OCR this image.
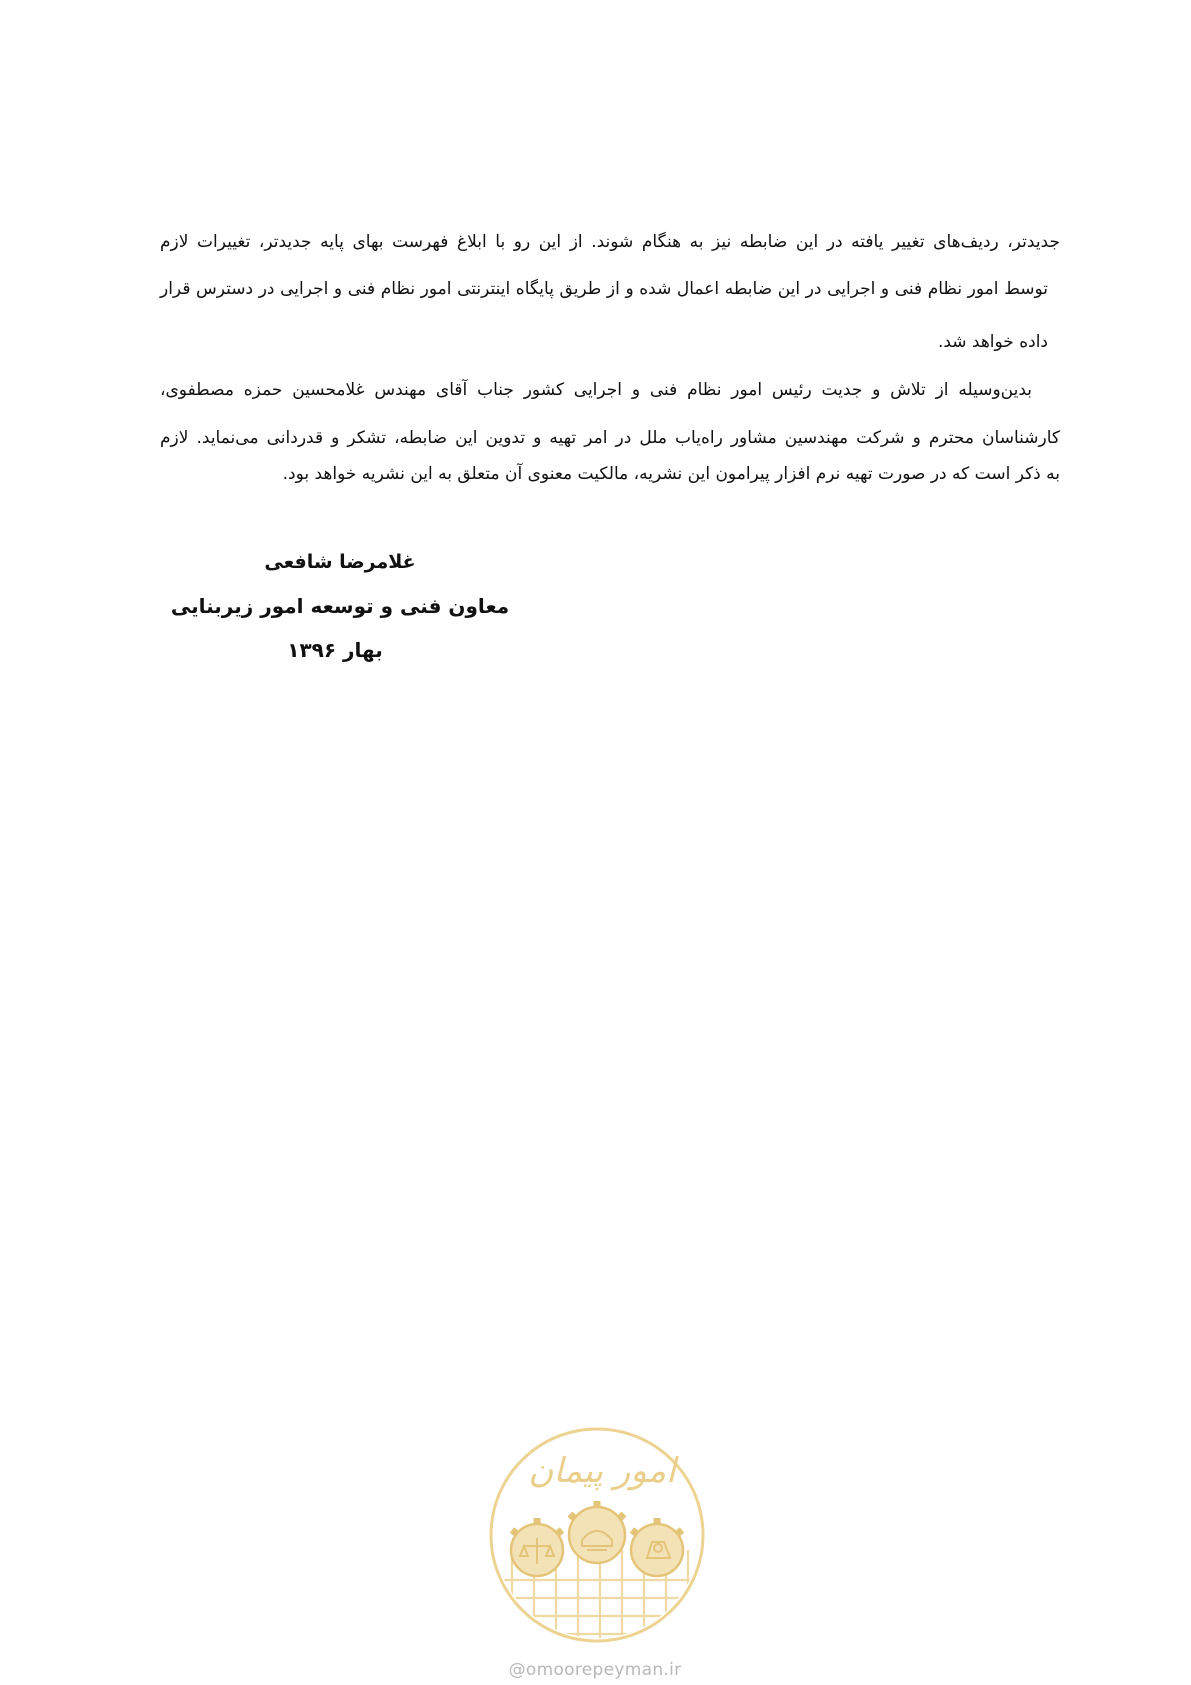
جدیدتر، ردیف‌های تغییر یافته در این ضابطه نیز به هنگام شوند. از این رو با ابلاغ فهرست بهای پایه جدیدتر، تغییرات لازم
توسط امور نظام فنی و اجرایی در این ضابطه اعمال شده و از طریق پایگاه اینترنتی امور نظام فنی و اجرایی در دسترس قرار
داده خواهد شد.
بدین‌وسیله از تلاش و جدیت رئیس امور نظام فنی و اجرایی کشور جناب آقای مهندس غلامحسین حمزه مصطفوی،
کارشناسان محترم و شرکت مهندسین مشاور راه‌یاب ملل در امر تهیه و تدوین این ضابطه، تشکر و قدردانی می‌نماید. لازم
به ذکر است که در صورت تهیه نرم افزار پیرامون این نشریه، مالکیت معنوی آن متعلق به این نشریه خواهد بود.
غلامرضا شافعی
معاون فنی و توسعه امور زیربنایی
بهار ۱۳۹۶
امور پیمان
@omoorepeyman.ir
